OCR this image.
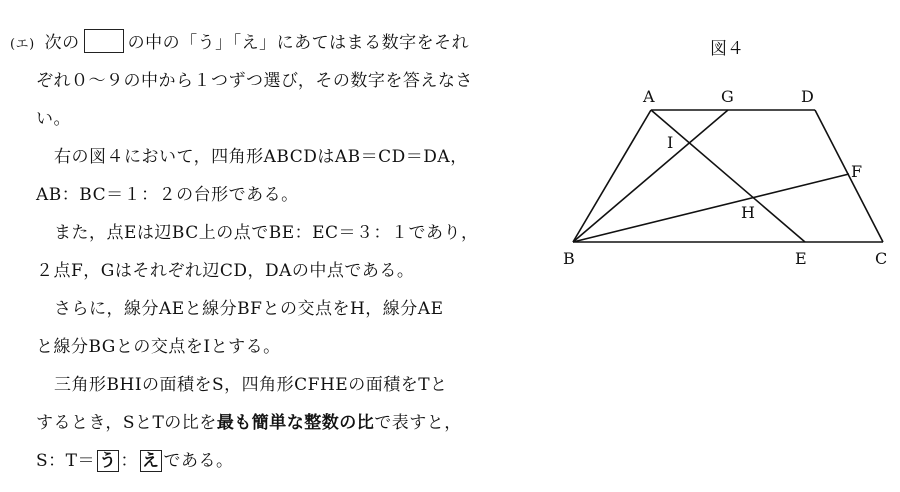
(エ) 次の	の中の「う」「え」にあてはまる数字をそれ
ぞれ０～９の中から１つずつ選び，その数字を答えなさ
い。
右の図４において，四角形ABCDはAB＝CD＝DA，
AB：BC＝１：２の台形である。
また，点Eは辺BC上の点でBE：EC＝３：１であり，
２点F，Gはそれぞれ辺CD，DAの中点である。
さらに，線分AEと線分BFとの交点をH，線分AE
と線分BGとの交点をIとする。
三角形BHIの面積をS，四角形CFHEの面積をTと
するとき，SとTの比を最も簡単な整数の比で表すと，
S：T＝ う ： え である。
A	G	D
I
F
H
B	E	C
図４
